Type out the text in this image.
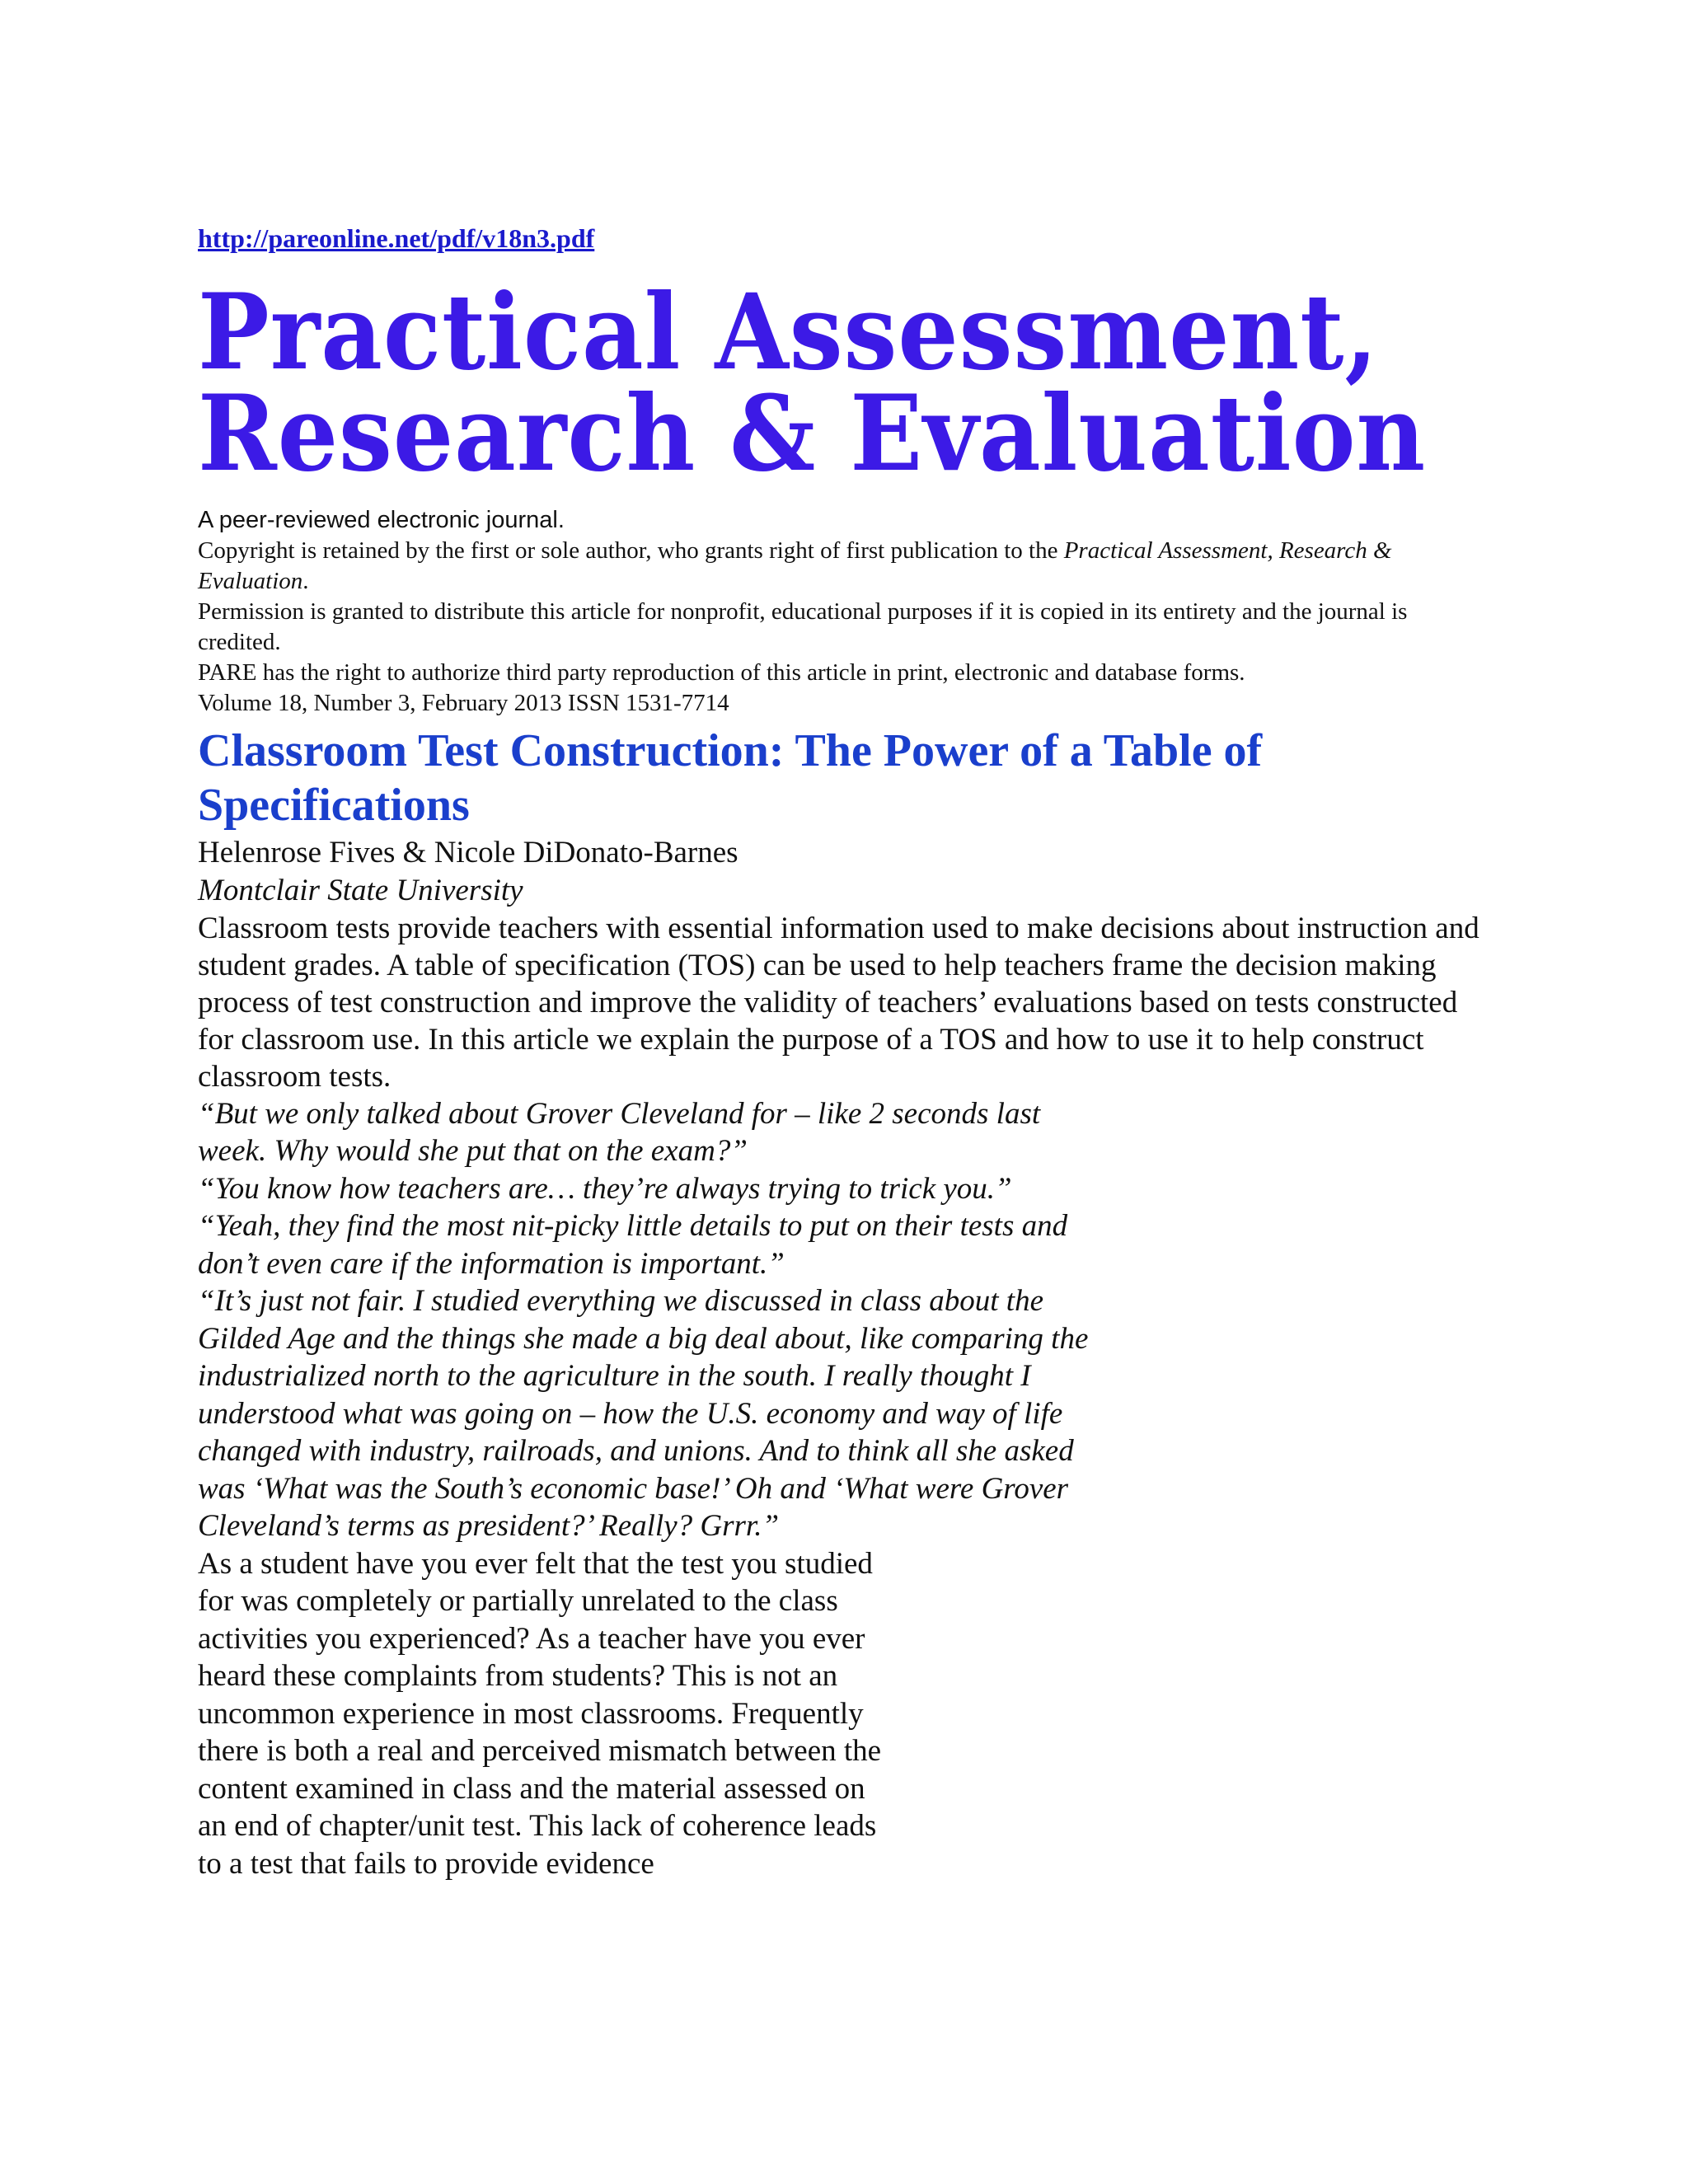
http://pareonline.net/pdf/v18n3.pdf
Practical Assessment,
Research & Evaluation

A peer-reviewed electronic journal.

Copyright is retained by the first or sole author, who grants right of first publication to the Practical Assessment, Research & Evaluation.

Permission is granted to distribute this article for nonprofit, educational purposes if it is copied in its entirety and the journal is credited.

PARE has the right to authorize third party reproduction of this article in print, electronic and database forms.

Volume 18, Number 3, February 2013 ISSN 1531-7714

Classroom Test Construction: The Power of a Table of Specifications

Helenrose Fives & Nicole DiDonato-Barnes

Montclair State University

Classroom tests provide teachers with essential information used to make decisions about instruction and student grades. A table of specification (TOS) can be used to help teachers frame the decision making process of test construction and improve the validity of teachers’ evaluations based on tests constructed for classroom use. In this article we explain the purpose of a TOS and how to use it to help construct classroom tests.

“But we only talked about Grover Cleveland for – like 2 seconds last week. Why would she put that on the exam?”

“You know how teachers are… they’re always trying to trick you.”

“Yeah, they find the most nit-picky little details to put on their tests and don’t even care if the information is important.”

“It’s just not fair. I studied everything we discussed in class about the Gilded Age and the things she made a big deal about, like comparing the industrialized north to the agriculture in the south. I really thought I understood what was going on – how the U.S. economy and way of life changed with industry, railroads, and unions. And to think all she asked was ‘What was the South’s economic base!’ Oh and ‘What were Grover Cleveland’s terms as president?’ Really? Grrr.”

As a student have you ever felt that the test you studied for was completely or partially unrelated to the class activities you experienced? As a teacher have you ever heard these complaints from students? This is not an uncommon experience in most classrooms. Frequently there is both a real and perceived mismatch between the content examined in class and the material assessed on an end of chapter/unit test. This lack of coherence leads to a test that fails to provide evidence
